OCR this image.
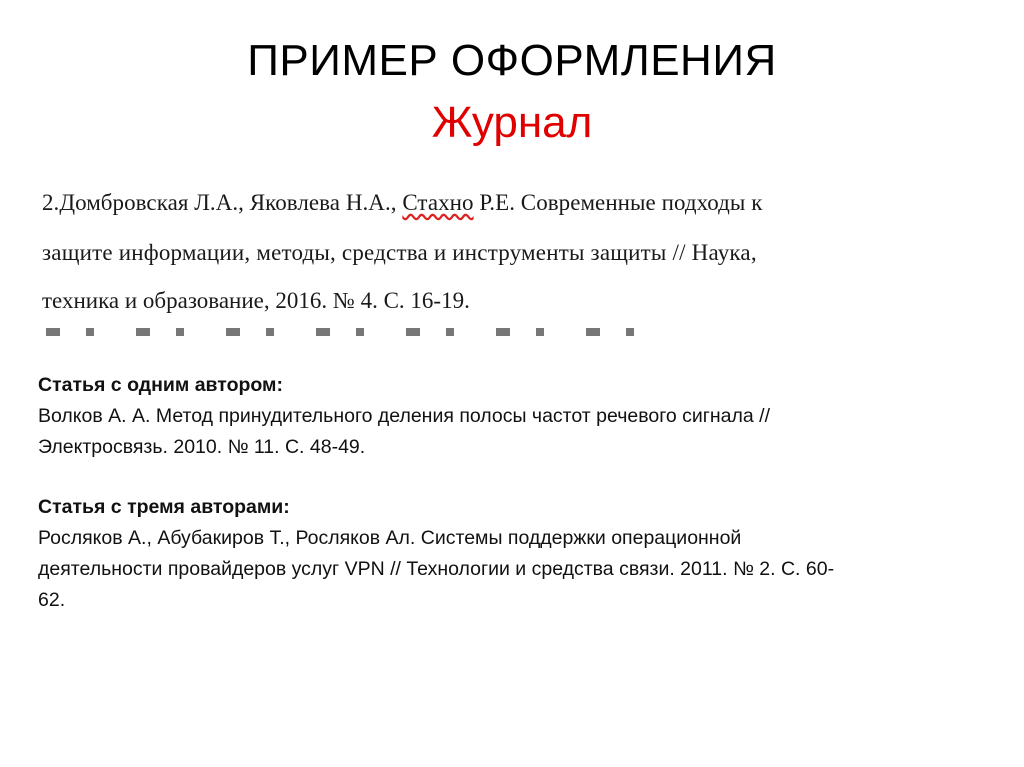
ПРИМЕР ОФОРМЛЕНИЯ
Журнал
2.Домбровская Л.А., Яковлева Н.А., Стахно Р.Е. Современные подходы к
защите информации, методы, средства и инструменты защиты // Наука,
техника и образование, 2016. № 4. С. 16-19.
Статья с одним автором:
Волков А. А. Метод принудительного деления полосы частот речевого сигнала //
Электросвязь. 2010. № 11. С. 48-49.
Статья с тремя авторами:
Росляков А., Абубакиров Т., Росляков Ал. Системы поддержки операционной
деятельности провайдеров услуг VPN // Технологии и средства связи. 2011. № 2. С. 60-
62.
